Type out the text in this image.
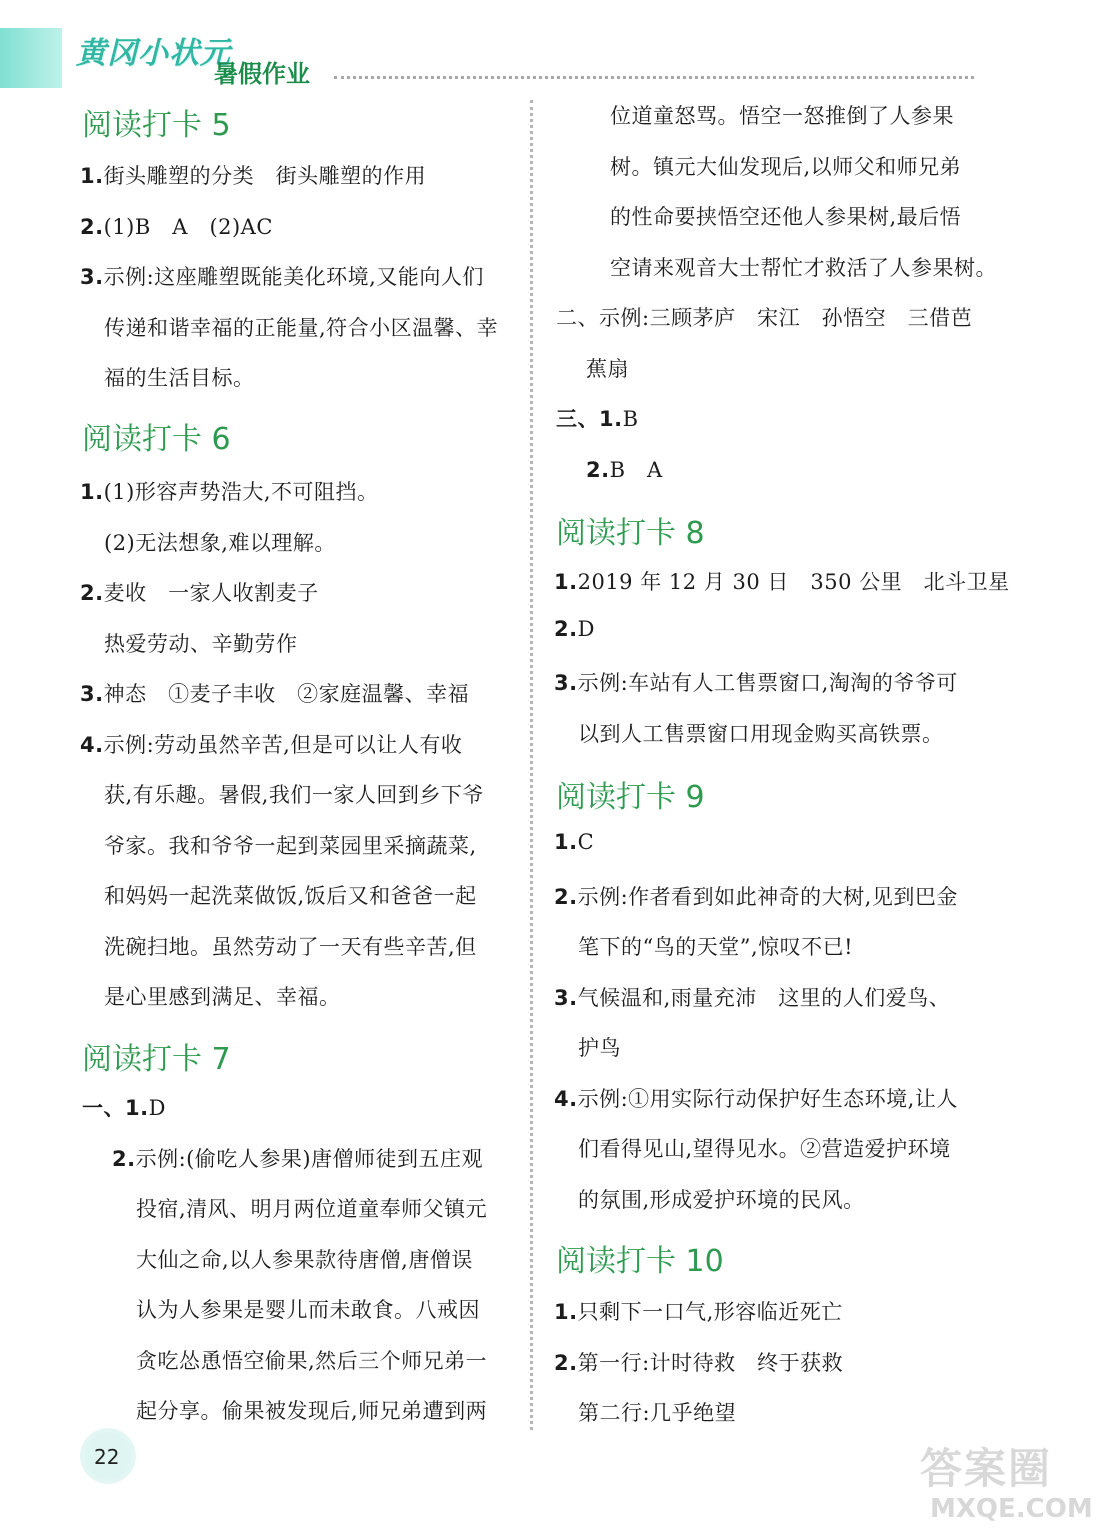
黄冈小状元
暑假作业
阅读打卡 5
1.街头雕塑的分类　街头雕塑的作用
2.(1)B　A　(2)AC
3.示例:这座雕塑既能美化环境,又能向人们
传递和谐幸福的正能量,符合小区温馨、幸
福的生活目标。
阅读打卡 6
1.(1)形容声势浩大,不可阻挡。
(2)无法想象,难以理解。
2.麦收　一家人收割麦子
热爱劳动、辛勤劳作
3.神态　①麦子丰收　②家庭温馨、幸福
4.示例:劳动虽然辛苦,但是可以让人有收
获,有乐趣。暑假,我们一家人回到乡下爷
爷家。我和爷爷一起到菜园里采摘蔬菜,
和妈妈一起洗菜做饭,饭后又和爸爸一起
洗碗扫地。虽然劳动了一天有些辛苦,但
是心里感到满足、幸福。
阅读打卡 7
一、1.D
2.示例:(偷吃人参果)唐僧师徒到五庄观
投宿,清风、明月两位道童奉师父镇元
大仙之命,以人参果款待唐僧,唐僧误
认为人参果是婴儿而未敢食。八戒因
贪吃怂恿悟空偷果,然后三个师兄弟一
起分享。偷果被发现后,师兄弟遭到两
位道童怒骂。悟空一怒推倒了人参果
树。镇元大仙发现后,以师父和师兄弟
的性命要挟悟空还他人参果树,最后悟
空请来观音大士帮忙才救活了人参果树。
二、示例:三顾茅庐　宋江　孙悟空　三借芭
蕉扇
三、1.B
2.B　A
阅读打卡 8
1.2019 年 12 月 30 日　350 公里　北斗卫星
2.D
3.示例:车站有人工售票窗口,淘淘的爷爷可
以到人工售票窗口用现金购买高铁票。
阅读打卡 9
1.C
2.示例:作者看到如此神奇的大树,见到巴金
笔下的“鸟的天堂”,惊叹不已!
3.气候温和,雨量充沛　这里的人们爱鸟、
护鸟
4.示例:①用实际行动保护好生态环境,让人
们看得见山,望得见水。②营造爱护环境
的氛围,形成爱护环境的民风。
阅读打卡 10
1.只剩下一口气,形容临近死亡
2.第一行:计时待救　终于获救
第二行:几乎绝望
22	答案圈
MXQE.COM
